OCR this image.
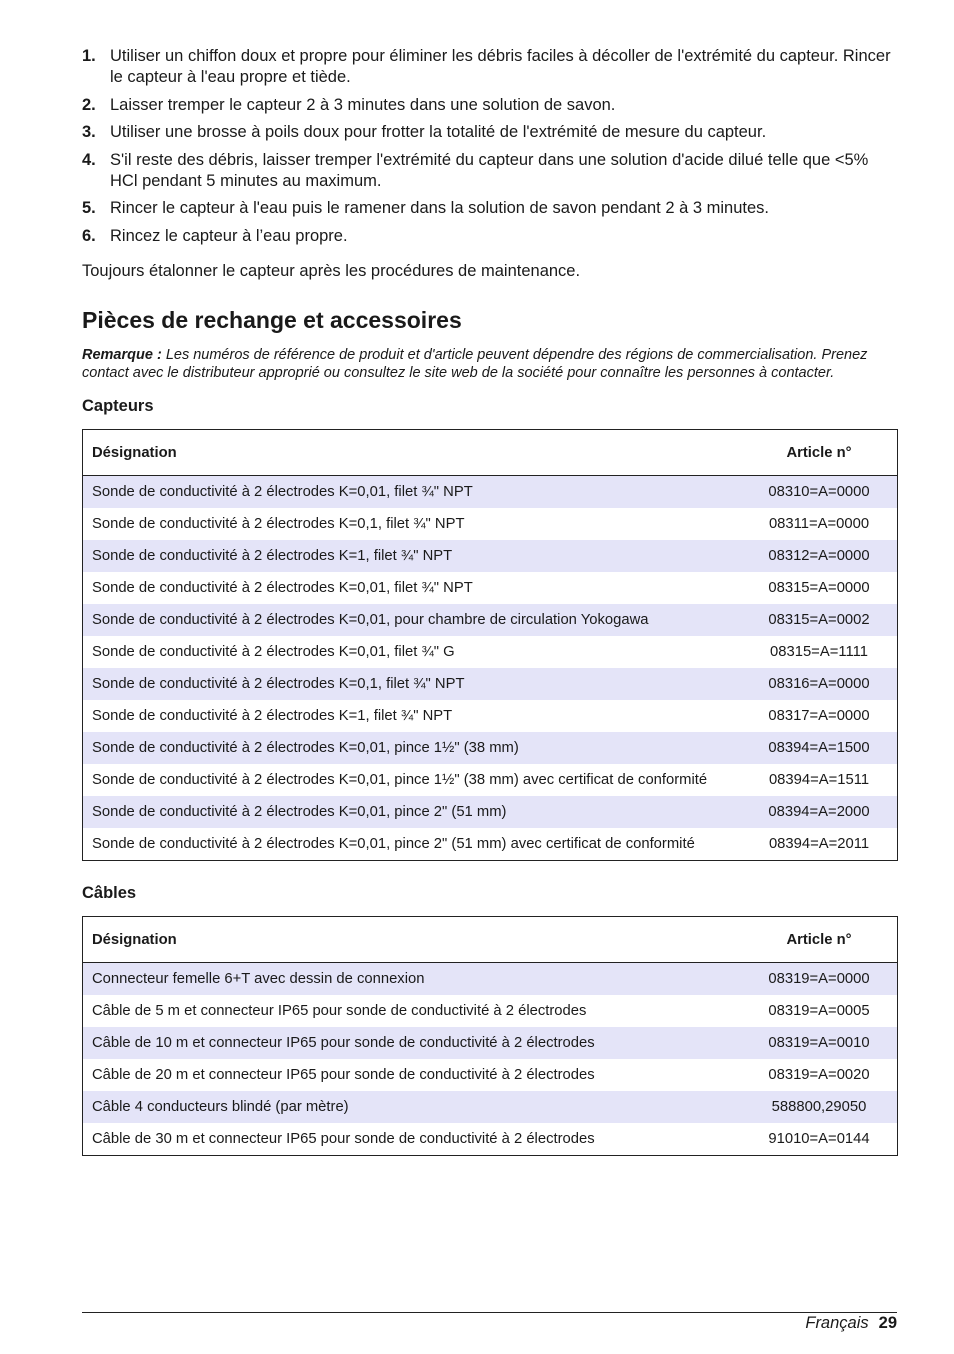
1. Utiliser un chiffon doux et propre pour éliminer les débris faciles à décoller de l'extrémité du capteur. Rincer le capteur à l'eau propre et tiède.
2. Laisser tremper le capteur 2 à 3 minutes dans une solution de savon.
3. Utiliser une brosse à poils doux pour frotter la totalité de l'extrémité de mesure du capteur.
4. S'il reste des débris, laisser tremper l'extrémité du capteur dans une solution d'acide dilué telle que <5% HCl pendant 5 minutes au maximum.
5. Rincer le capteur à l'eau puis le ramener dans la solution de savon pendant 2 à 3 minutes.
6. Rincez le capteur à l’eau propre.

Toujours étalonner le capteur après les procédures de maintenance.

Pièces de rechange et accessoires

Remarque : Les numéros de référence de produit et d'article peuvent dépendre des régions de commercialisation. Prenez contact avec le distributeur approprié ou consultez le site web de la société pour connaître les personnes à contacter.

Capteurs
Désignation	Article n°
Sonde de conductivité à 2 électrodes K=0,01, filet ¾" NPT	08310=A=0000
Sonde de conductivité à 2 électrodes K=0,1, filet ¾" NPT	08311=A=0000
Sonde de conductivité à 2 électrodes K=1, filet ¾" NPT	08312=A=0000
Sonde de conductivité à 2 électrodes K=0,01, filet ¾" NPT	08315=A=0000
Sonde de conductivité à 2 électrodes K=0,01, pour chambre de circulation Yokogawa	08315=A=0002
Sonde de conductivité à 2 électrodes K=0,01, filet ¾" G	08315=A=1111
Sonde de conductivité à 2 électrodes K=0,1, filet ¾" NPT	08316=A=0000
Sonde de conductivité à 2 électrodes K=1, filet ¾" NPT	08317=A=0000
Sonde de conductivité à 2 électrodes K=0,01, pince 1½" (38 mm)	08394=A=1500
Sonde de conductivité à 2 électrodes K=0,01, pince 1½" (38 mm) avec certificat de conformité	08394=A=1511
Sonde de conductivité à 2 électrodes K=0,01, pince 2" (51 mm)	08394=A=2000
Sonde de conductivité à 2 électrodes K=0,01, pince 2" (51 mm) avec certificat de conformité	08394=A=2011
Câbles
Désignation	Article n°
Connecteur femelle 6+T avec dessin de connexion	08319=A=0000
Câble de 5 m et connecteur IP65 pour sonde de conductivité à 2 électrodes	08319=A=0005
Câble de 10 m et connecteur IP65 pour sonde de conductivité à 2 électrodes	08319=A=0010
Câble de 20 m et connecteur IP65 pour sonde de conductivité à 2 électrodes	08319=A=0020
Câble 4 conducteurs blindé (par mètre)	588800,29050
Câble de 30 m et connecteur IP65 pour sonde de conductivité à 2 électrodes	91010=A=0144
Français 29
